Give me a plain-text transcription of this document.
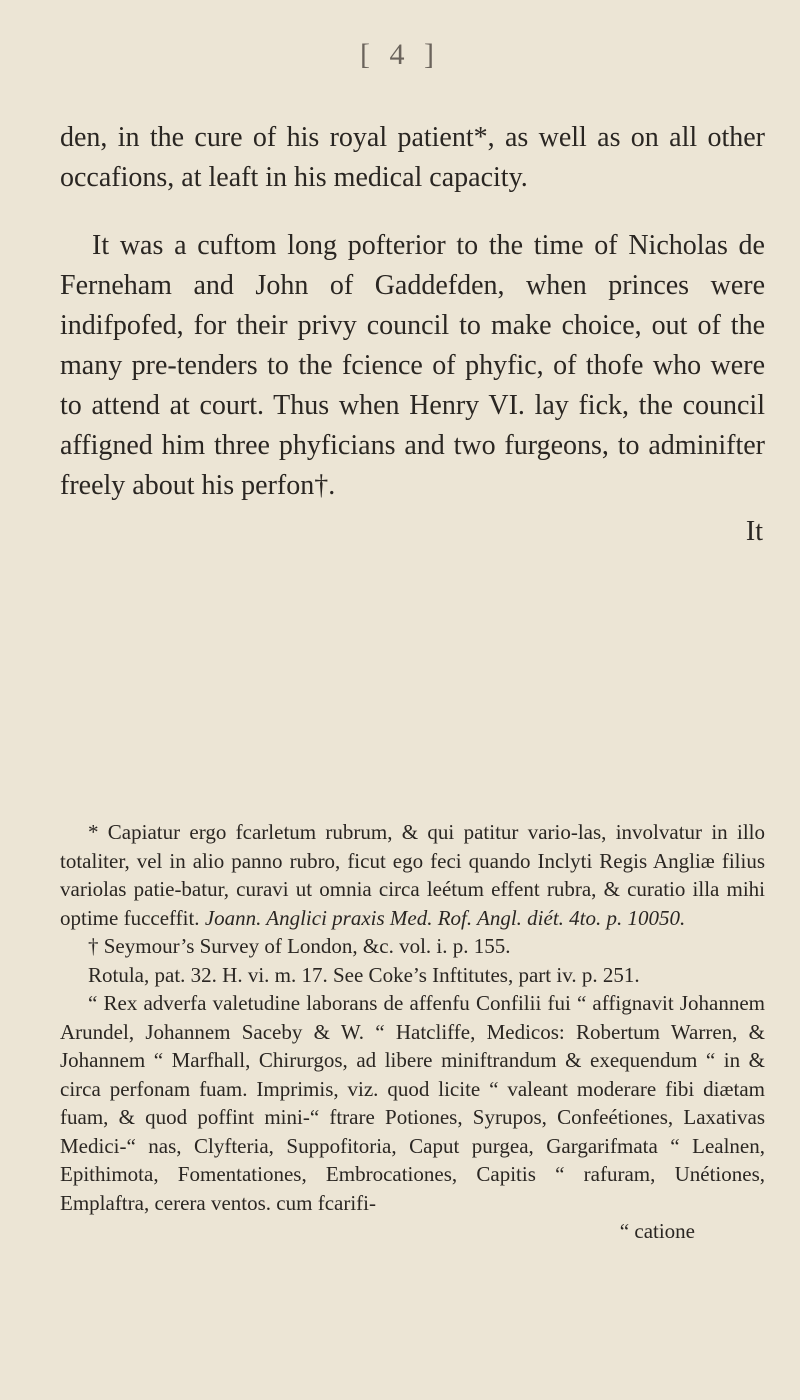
[ 4 ]

den, in the cure of his royal patient*, as well as on all other occafions, at leaft in his medical capacity.

It was a cuftom long pofterior to the time of Nicholas de Ferneham and John of Gaddefden, when princes were indifpofed, for their privy council to make choice, out of the many pre-tenders to the fcience of phyfic, of thofe who were to attend at court. Thus when Henry VI. lay fick, the council affigned him three phyficians and two furgeons, to adminifter freely about his perfon†.

It

* Capiatur ergo fcarletum rubrum, & qui patitur vario-las, involvatur in illo totaliter, vel in alio panno rubro, ficut ego feci quando Inclyti Regis Angliæ filius variolas patie-batur, curavi ut omnia circa leétum effent rubra, & curatio illa mihi optime fucceffit. Joann. Anglici praxis Med. Rof. Angl. diét. 4to. p. 10050.

† Seymour’s Survey of London, &c. vol. i. p. 155.

Rotula, pat. 32. H. vi. m. 17. See Coke’s Inftitutes, part iv. p. 251.

“ Rex adverfa valetudine laborans de affenfu Confilii fui “ affignavit Johannem Arundel, Johannem Saceby & W. “ Hatcliffe, Medicos: Robertum Warren, & Johannem “ Marfhall, Chirurgos, ad libere miniftrandum & exequendum “ in & circa perfonam fuam. Imprimis, viz. quod licite “ valeant moderare fibi diætam fuam, & quod poffint mini-“ ftrare Potiones, Syrupos, Confeétiones, Laxativas Medici-“ nas, Clyfteria, Suppofitoria, Caput purgea, Gargarifmata “ Lealnen, Epithimota, Fomentationes, Embrocationes, Capitis “ rafuram, Unétiones, Emplaftra, cerera ventos. cum fcarifi-

“ catione
